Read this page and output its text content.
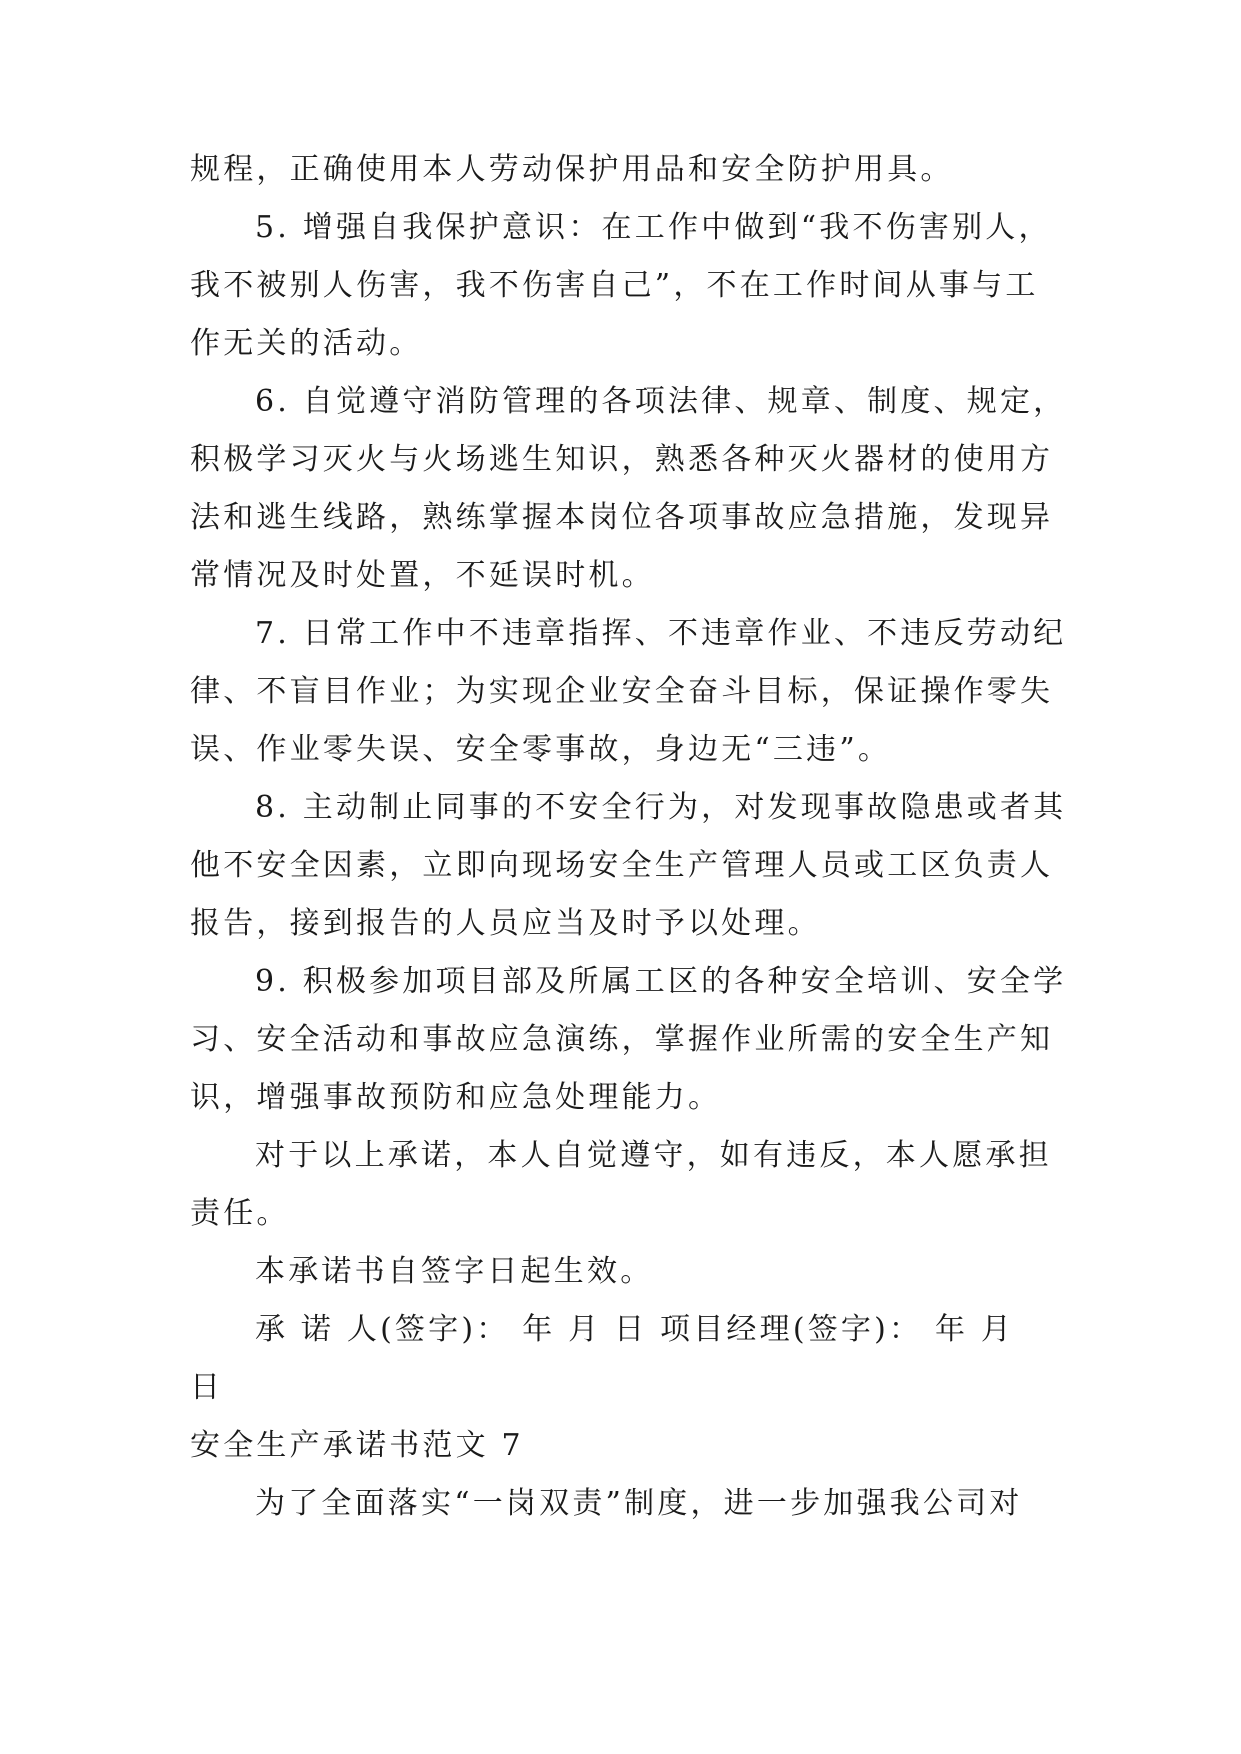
规程，正确使用本人劳动保护用品和安全防护用具。
5. 增强自我保护意识：在工作中做到“我不伤害别人，
我不被别人伤害，我不伤害自己”，不在工作时间从事与工
作无关的活动。
6. 自觉遵守消防管理的各项法律、规章、制度、规定，
积极学习灭火与火场逃生知识，熟悉各种灭火器材的使用方
法和逃生线路，熟练掌握本岗位各项事故应急措施，发现异
常情况及时处置，不延误时机。
7. 日常工作中不违章指挥、不违章作业、不违反劳动纪
律、不盲目作业；为实现企业安全奋斗目标，保证操作零失
误、作业零失误、安全零事故，身边无“三违”。
8. 主动制止同事的不安全行为，对发现事故隐患或者其
他不安全因素，立即向现场安全生产管理人员或工区负责人
报告，接到报告的人员应当及时予以处理。
9. 积极参加项目部及所属工区的各种安全培训、安全学
习、安全活动和事故应急演练，掌握作业所需的安全生产知
识，增强事故预防和应急处理能力。
对于以上承诺，本人自觉遵守，如有违反，本人愿承担
责任。
本承诺书自签字日起生效。
承 诺 人(签字)： 年 月 日 项目经理(签字)： 年 月
日
安全生产承诺书范文 7
为了全面落实“一岗双责”制度，进一步加强我公司对
